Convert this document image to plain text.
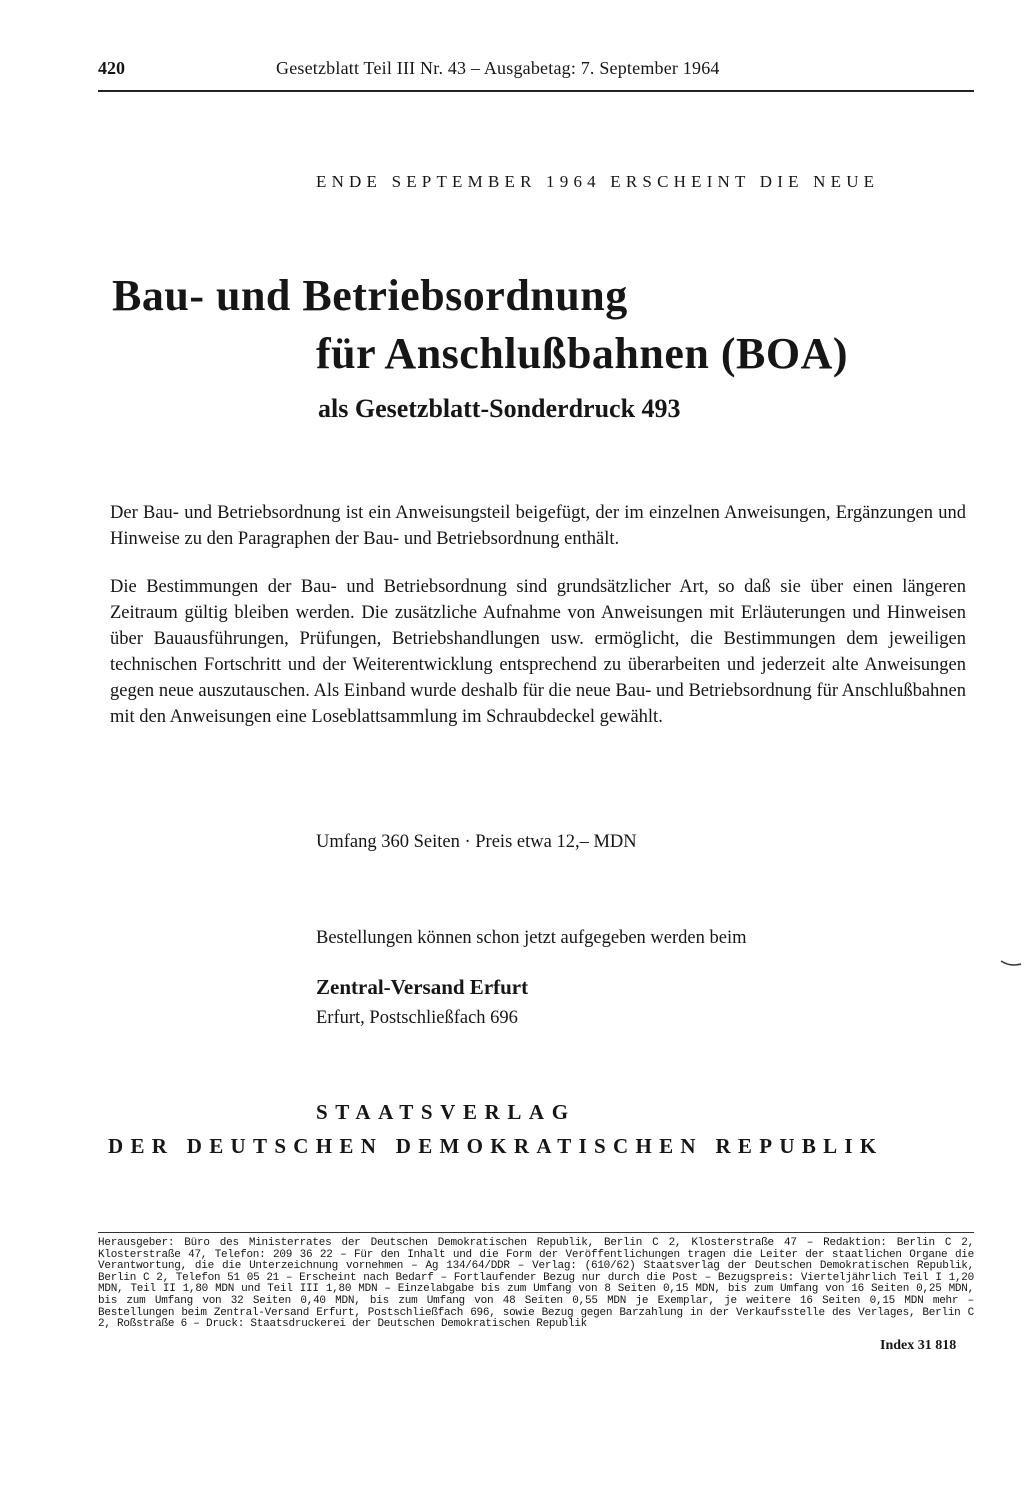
420	Gesetzblatt Teil III Nr. 43 – Ausgabetag: 7. September 1964
ENDE SEPTEMBER 1964 ERSCHEINT DIE NEUE
Bau- und Betriebsordnung
für Anschlußbahnen (BOA)
als Gesetzblatt-Sonderdruck 493

Der Bau- und Betriebsordnung ist ein Anweisungsteil beigefügt, der im einzelnen Anweisungen, Ergänzungen und Hinweise zu den Paragraphen der Bau- und Betriebsordnung enthält.

Die Bestimmungen der Bau- und Betriebsordnung sind grundsätzlicher Art, so daß sie über einen längeren Zeitraum gültig bleiben werden. Die zusätzliche Aufnahme von Anweisungen mit Erläuterungen und Hinweisen über Bauausführungen, Prüfungen, Betriebshandlungen usw. ermöglicht, die Bestimmungen dem jeweiligen technischen Fortschritt und der Weiterentwicklung entsprechend zu überarbeiten und jederzeit alte Anweisungen gegen neue auszutauschen. Als Einband wurde deshalb für die neue Bau- und Betriebsordnung für Anschlußbahnen mit den Anweisungen eine Loseblattsammlung im Schraubdeckel gewählt.

Umfang 360 Seiten · Preis etwa 12,– MDN
Bestellungen können schon jetzt aufgegeben werden beim
Zentral-Versand Erfurt
Erfurt, Postschließfach 696
STAATSVERLAG
DER DEUTSCHEN DEMOKRATISCHEN REPUBLIK
Herausgeber: Büro des Ministerrates der Deutschen Demokratischen Republik, Berlin C 2, Klosterstraße 47 – Redaktion: Berlin C 2, Klosterstraße 47, Telefon: 209 36 22 – Für den Inhalt und die Form der Veröffentlichungen tragen die Leiter der staatlichen Organe die Verantwortung, die die Unterzeichnung vornehmen – Ag 134/64/DDR – Verlag: (610/62) Staatsverlag der Deutschen Demokratischen Republik, Berlin C 2, Telefon 51 05 21 – Erscheint nach Bedarf – Fortlaufender Bezug nur durch die Post – Bezugspreis: Vierteljährlich Teil I 1,20 MDN, Teil II 1,80 MDN und Teil III 1,80 MDN – Einzelabgabe bis zum Umfang von 8 Seiten 0,15 MDN, bis zum Umfang von 16 Seiten 0,25 MDN, bis zum Umfang von 32 Seiten 0,40 MDN, bis zum Umfang von 48 Seiten 0,55 MDN je Exemplar, je weitere 16 Seiten 0,15 MDN mehr – Bestellungen beim Zentral-Versand Erfurt, Postschließfach 696, sowie Bezug gegen Barzahlung in der Verkaufsstelle des Verlages, Berlin C 2, Roßstraße 6 – Druck: Staatsdruckerei der Deutschen Demokratischen Republik
Index 31 818
